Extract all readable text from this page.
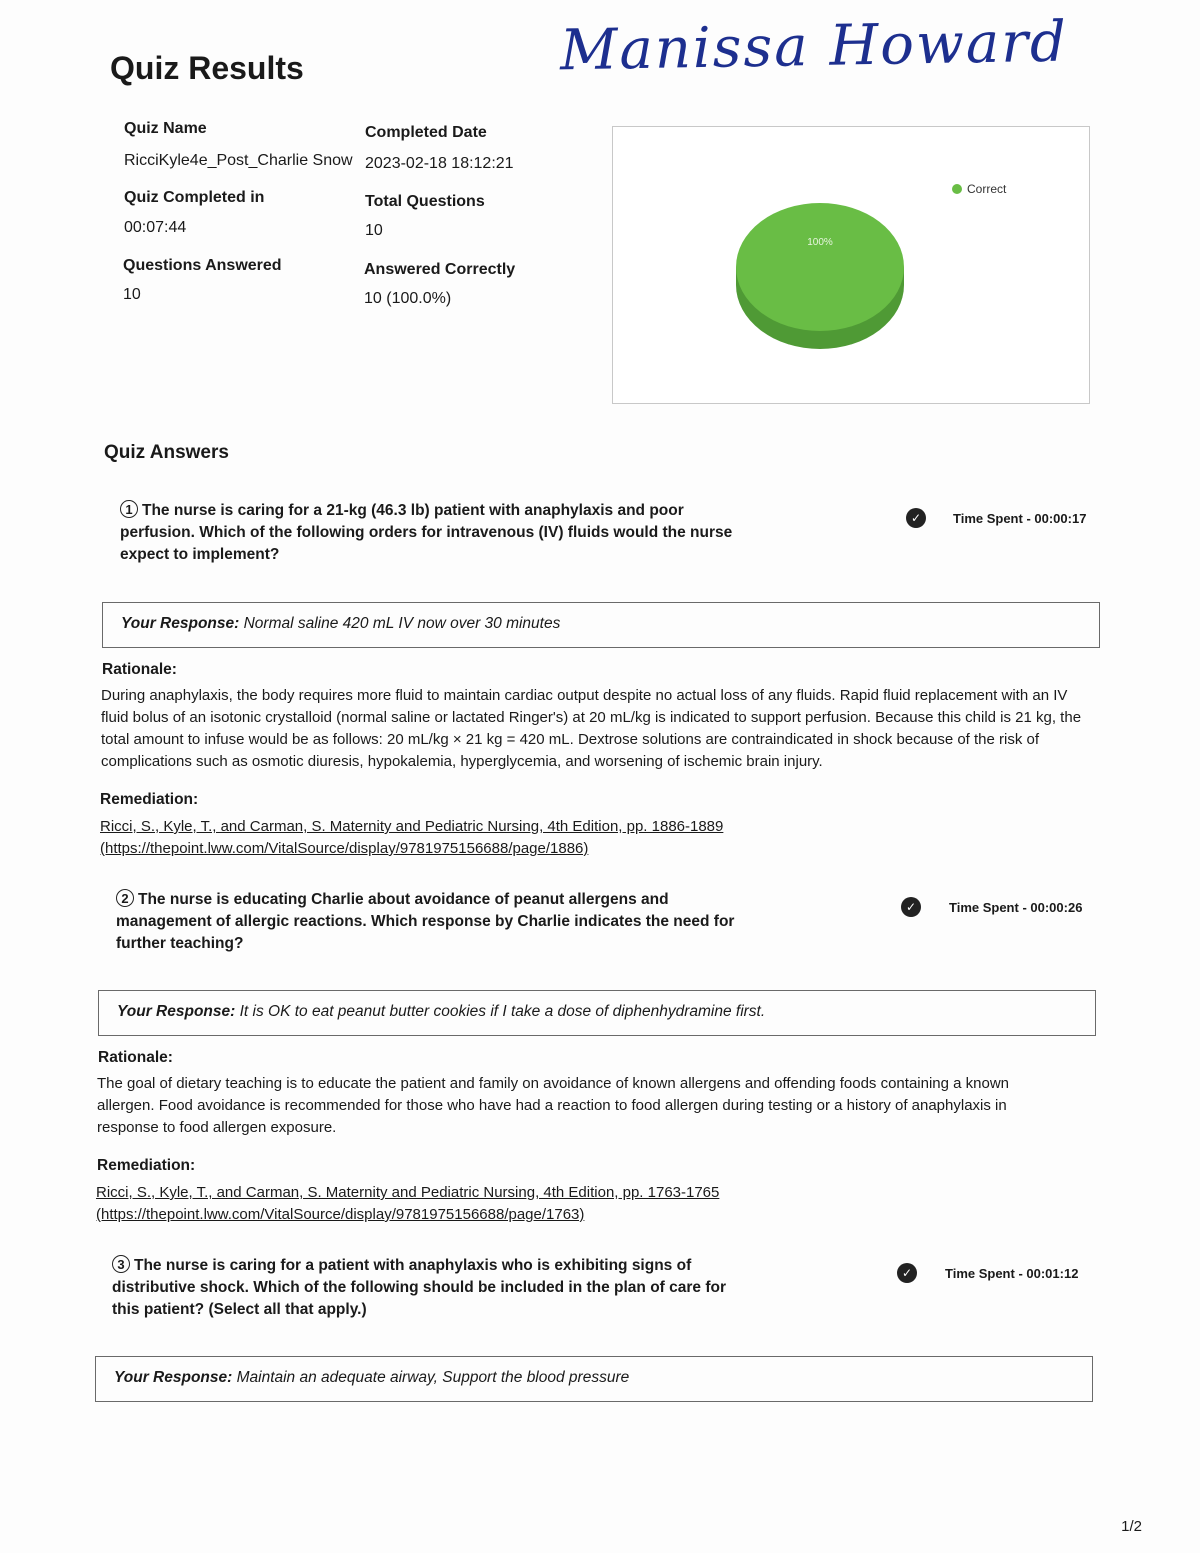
Manissa Howard
Quiz Results
Quiz Name
RicciKyle4e_Post_Charlie Snow
Completed Date
2023-02-18 18:12:21
Quiz Completed in
00:07:44
Total Questions
10
Questions Answered
10
Answered Correctly
10 (100.0%)
100%
Correct
Quiz Answers
1 The nurse is caring for a 21-kg (46.3 lb) patient with anaphylaxis and poor perfusion. Which of the following orders for intravenous (IV) fluids would the nurse expect to implement?
✓	Time Spent - 00:00:17
Your Response: Normal saline 420 mL IV now over 30 minutes
Rationale:
During anaphylaxis, the body requires more fluid to maintain cardiac output despite no actual loss of any fluids. Rapid fluid replacement with an IV fluid bolus of an isotonic crystalloid (normal saline or lactated Ringer's) at 20 mL/kg is indicated to support perfusion. Because this child is 21 kg, the total amount to infuse would be as follows: 20 mL/kg × 21 kg = 420 mL. Dextrose solutions are contraindicated in shock because of the risk of complications such as osmotic diuresis, hypokalemia, hyperglycemia, and worsening of ischemic brain injury.
Remediation:
Ricci, S., Kyle, T., and Carman, S. Maternity and Pediatric Nursing, 4th Edition, pp. 1886-1889
(https://thepoint.lww.com/VitalSource/display/9781975156688/page/1886)
2 The nurse is educating Charlie about avoidance of peanut allergens and management of allergic reactions. Which response by Charlie indicates the need for further teaching?
✓	Time Spent - 00:00:26
Your Response: It is OK to eat peanut butter cookies if I take a dose of diphenhydramine first.
Rationale:
The goal of dietary teaching is to educate the patient and family on avoidance of known allergens and offending foods containing a known allergen. Food avoidance is recommended for those who have had a reaction to food allergen during testing or a history of anaphylaxis in response to food allergen exposure.
Remediation:
Ricci, S., Kyle, T., and Carman, S. Maternity and Pediatric Nursing, 4th Edition, pp. 1763-1765
(https://thepoint.lww.com/VitalSource/display/9781975156688/page/1763)
3 The nurse is caring for a patient with anaphylaxis who is exhibiting signs of distributive shock. Which of the following should be included in the plan of care for this patient? (Select all that apply.)
✓	Time Spent - 00:01:12
Your Response: Maintain an adequate airway, Support the blood pressure
1/2
